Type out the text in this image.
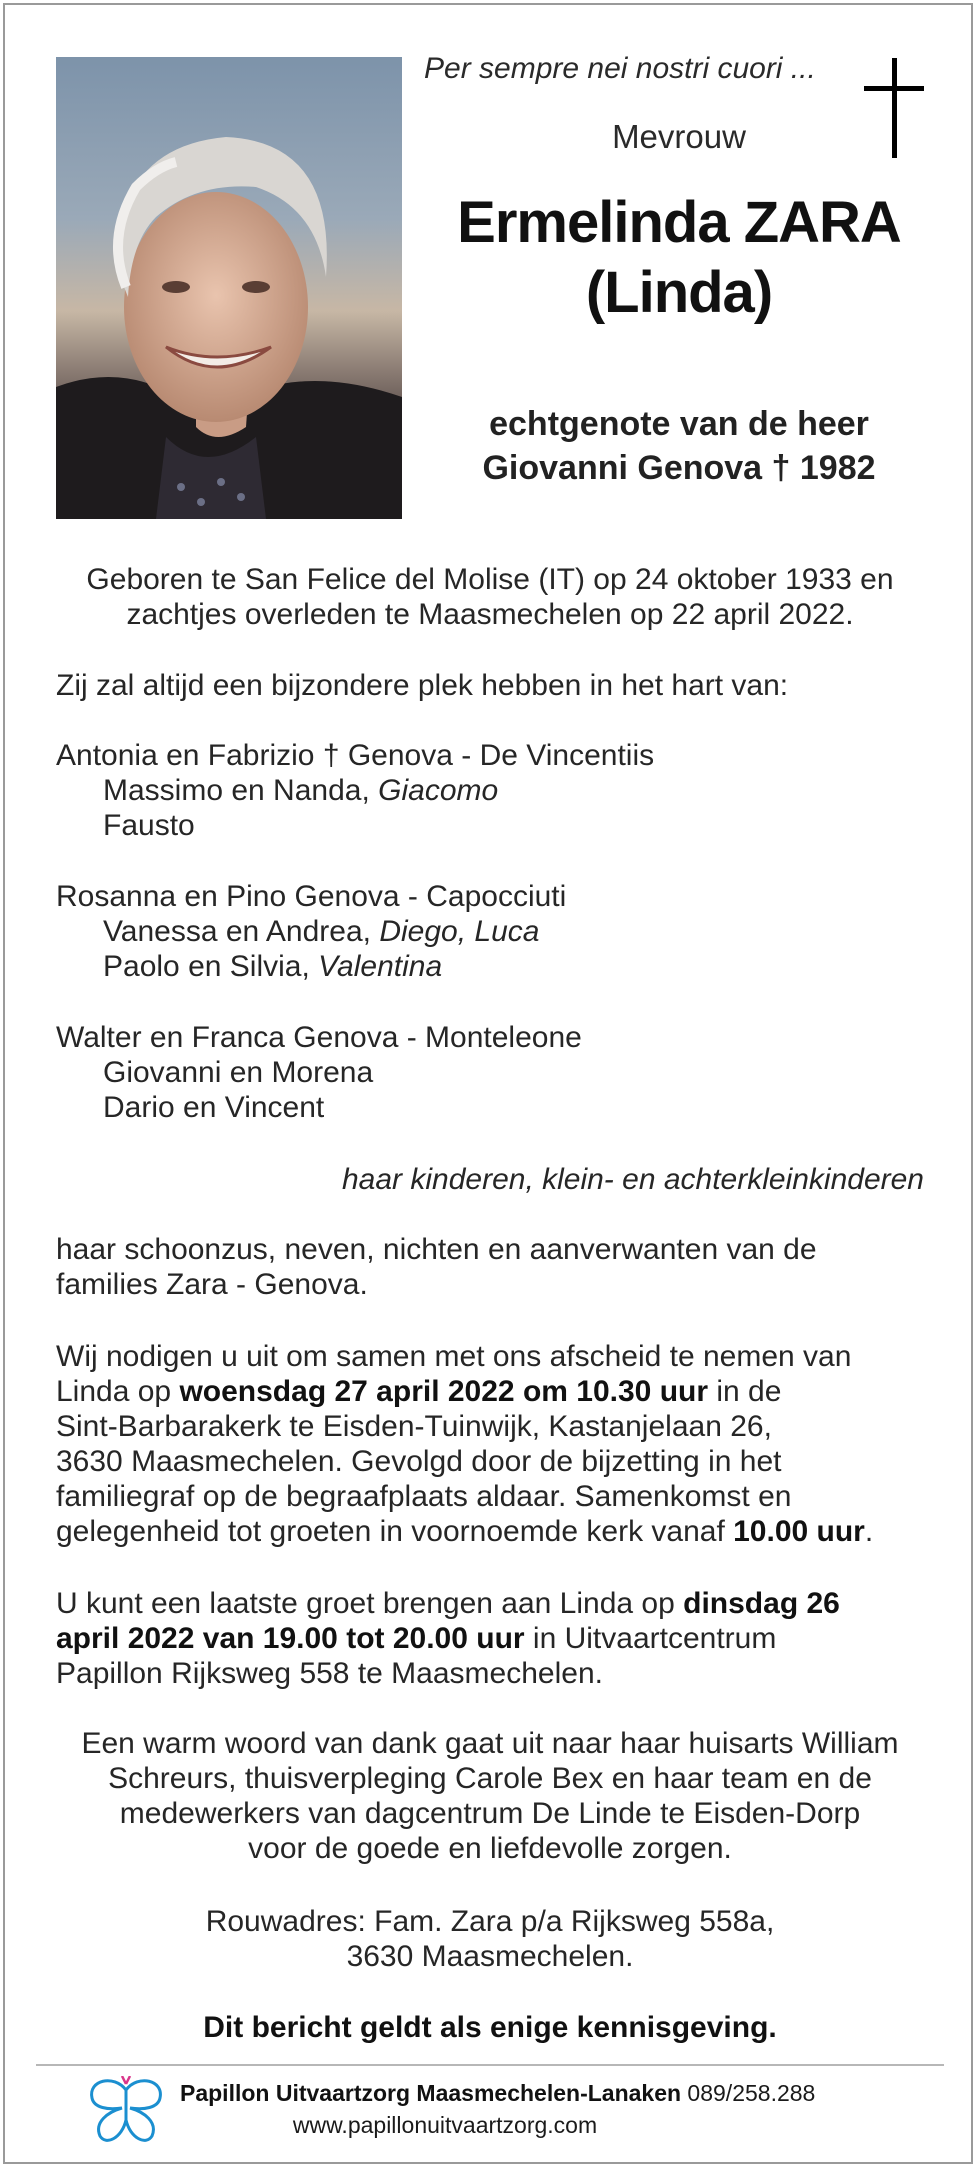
Per sempre nei nostri cuori ...
Mevrouw
Ermelinda ZARA
(Linda)
echtgenote van de heer
Giovanni Genova † 1982
Geboren te San Felice del Molise (IT) op 24 oktober 1933 en
zachtjes overleden te Maasmechelen op 22 april 2022.
Zij zal altijd een bijzondere plek hebben in het hart van:
Antonia en Fabrizio † Genova - De Vincentiis
Massimo en Nanda, Giacomo
Fausto
Rosanna en Pino Genova - Capocciuti
Vanessa en Andrea, Diego, Luca
Paolo en Silvia, Valentina
Walter en Franca Genova - Monteleone
Giovanni en Morena
Dario en Vincent
haar kinderen, klein- en achterkleinkinderen
haar schoonzus, neven, nichten en aanverwanten van de
families Zara - Genova.
Wij nodigen u uit om samen met ons afscheid te nemen van
Linda op woensdag 27 april 2022 om 10.30 uur in de
Sint-Barbarakerk te Eisden-Tuinwijk, Kastanjelaan 26,
3630 Maasmechelen. Gevolgd door de bijzetting in het
familiegraf op de begraafplaats aldaar. Samenkomst en
gelegenheid tot groeten in voornoemde kerk vanaf 10.00 uur.
U kunt een laatste groet brengen aan Linda op dinsdag 26
april 2022 van 19.00 tot 20.00 uur in Uitvaartcentrum
Papillon Rijksweg 558 te Maasmechelen.
Een warm woord van dank gaat uit naar haar huisarts William
Schreurs, thuisverpleging Carole Bex en haar team en de
medewerkers van dagcentrum De Linde te Eisden-Dorp
voor de goede en liefdevolle zorgen.
Rouwadres: Fam. Zara p/a Rijksweg 558a,
3630 Maasmechelen.
Dit bericht geldt als enige kennisgeving.
Papillon Uitvaartzorg Maasmechelen-Lanaken 089/258.288
www.papillonuitvaartzorg.com
